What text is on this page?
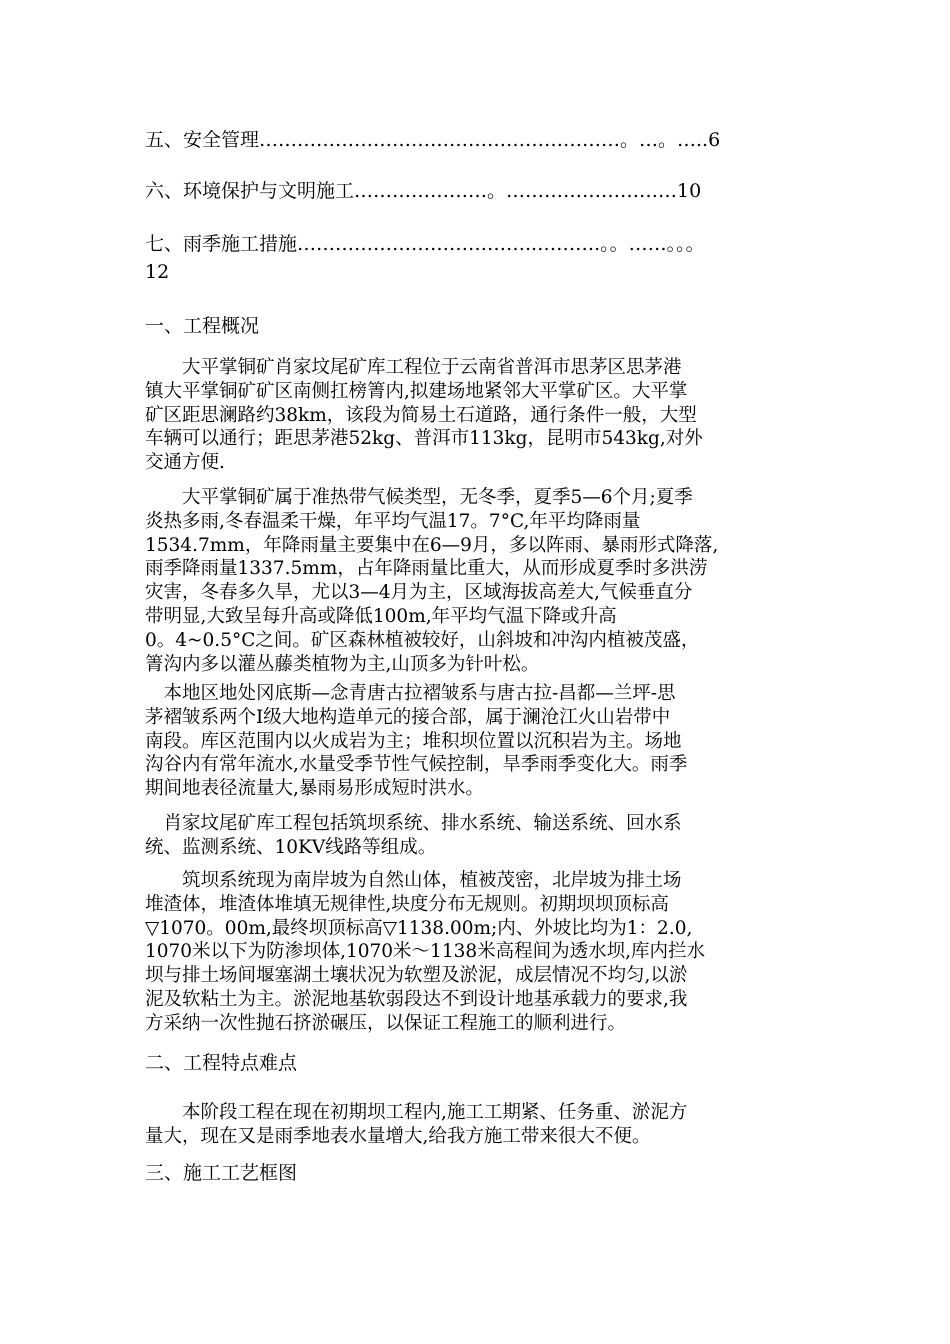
五、安全管理…………………………………………………。…。…..6
六、环境保护与文明施工…………………。………………………10
七、雨季施工措施………………………………..……….。。……。。。
12
一、工程概况
　　大平掌铜矿肖家坟尾矿库工程位于云南省普洱市思茅区思茅港
镇大平掌铜矿矿区南侧扛榜箐内,拟建场地紧邻大平掌矿区。大平掌
矿区距思澜路约38km，该段为简易土石道路，通行条件一般，大型
车辆可以通行；距思茅港52kg、普洱市113kg，昆明市543kg,对外
交通方便.
　　大平掌铜矿属于准热带气候类型，无冬季，夏季5—6个月;夏季
炎热多雨,冬春温柔干燥，年平均气温17。7°C,年平均降雨量
1534.7mm，年降雨量主要集中在6—9月，多以阵雨、暴雨形式降落,
雨季降雨量1337.5mm，占年降雨量比重大，从而形成夏季时多洪涝
灾害，冬春多久旱，尤以3—4月为主，区域海拔高差大,气候垂直分
带明显,大致呈每升高或降低100m,年平均气温下降或升高
0。4~0.5°C之间。矿区森林植被较好，山斜坡和冲沟内植被茂盛，
箐沟内多以灌丛藤类植物为主,山顶多为针叶松。
　本地区地处冈底斯—念青唐古拉褶皱系与唐古拉-昌都—兰坪-思
茅褶皱系两个Ⅰ级大地构造单元的接合部，属于澜沧江火山岩带中
南段。库区范围内以火成岩为主；堆积坝位置以沉积岩为主。场地
沟谷内有常年流水,水量受季节性气候控制，旱季雨季变化大。雨季
期间地表径流量大,暴雨易形成短时洪水。
　肖家坟尾矿库工程包括筑坝系统、排水系统、输送系统、回水系
统、监测系统、10KV线路等组成。
　　筑坝系统现为南岸坡为自然山体，植被茂密，北岸坡为排土场
堆渣体，堆渣体堆填无规律性,块度分布无规则。初期坝坝顶标高
▽1070。00m,最终坝顶标高▽1138.00m;内、外坡比均为1：2.0,
1070米以下为防渗坝体,1070米～1138米高程间为透水坝,库内拦水
坝与排土场间堰塞湖土壤状况为软塑及淤泥，成层情况不均匀,以淤
泥及软粘土为主。淤泥地基软弱段达不到设计地基承载力的要求,我
方采纳一次性抛石挤淤碾压，以保证工程施工的顺利进行。
二、工程特点难点
　　本阶段工程在现在初期坝工程内,施工工期紧、任务重、淤泥方
量大，现在又是雨季地表水量增大,给我方施工带来很大不便。
三、施工工艺框图
